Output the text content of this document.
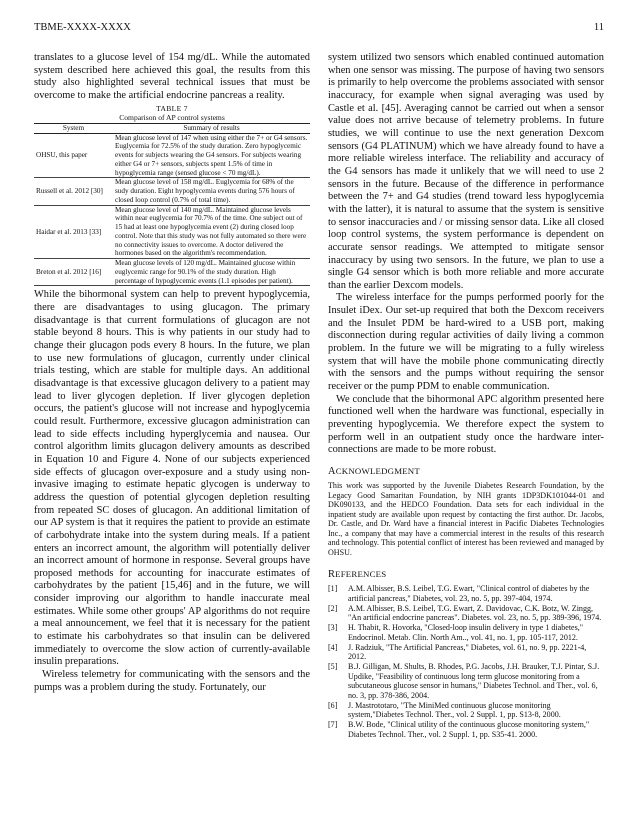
TBME-XXXX-XXXX	11

translates to a glucose level of 154 mg/dL. While the automated system described here achieved this goal, the results from this study also highlighted several technical issues that must be overcome to make the artificial endocrine pancreas a reality.

TABLE 7
Comparison of AP control systems
System	Summary of results
OHSU, this paper	Mean glucose level of 147 when using either the 7+ or G4 sensors. Euglycemia for 72.5% of the study duration. Zero hypoglycemic events for subjects wearing the G4 sensors. For subjects wearing either G4 or 7+ sensors, subjects spent 1.5% of time in hypoglycemia range (sensed glucose < 70 mg/dL).
Russell et al. 2012 [30]	Mean glucose level of 158 mg/dL. Euglycemia for 68% of the sudy duration. Eight hypoglycemia events during 576 hours of closed loop control (0.7% of total time).
Haidar et al. 2013 [33]	Mean glucose level of 140 mg/dL. Maintained glucose levels within near euglycemia for 70.7% of the time. One subject out of 15 had at least one hypoglycemia event (2) during closed loop control. Note that this study was not fully automated so there were no connectivity issues to overcome. A doctor delivered the hormones based on the algorithm's recommendation.
Breton et al. 2012 [16]	Mean glucose levels of 120 mg/dL. Maintained glucose within euglycemic range for 90.1% of the study duration. High percentage of hypoglycemic events (1.1 episodes per patient).

While the bihormonal system can help to prevent hypoglycemia, there are disadvantages to using glucagon. The primary disadvantage is that current formulations of glucagon are not stable beyond 8 hours. This is why patients in our study had to change their glucagon pods every 8 hours. In the future, we plan to use new formulations of glucagon, currently under clinical trials testing, which are stable for multiple days. An additional disadvantage is that excessive glucagon delivery to a patient may lead to liver glycogen depletion. If liver glycogen depletion occurs, the patient's glucose will not increase and hypoglycemia could result. Furthermore, excessive glucagon administration can lead to side effects including hyperglycemia and nausea. Our control algorithm limits glucagon delivery amounts as described in Equation 10 and Figure 4. None of our subjects experienced side effects of glucagon over-exposure and a study using non-invasive imaging to estimate hepatic glycogen is underway to address the question of potential glycogen depletion resulting from repeated SC doses of glucagon. An additional limitation of our AP system is that it requires the patient to provide an estimate of carbohydrate intake into the system during meals. If a patient enters an incorrect amount, the algorithm will potentially deliver an incorrect amount of hormone in response. Several groups have proposed methods for accounting for inaccurate estimates of carbohydrates by the patient [15,46] and in the future, we will consider improving our algorithm to handle inaccurate meal estimates. While some other groups' AP algorithms do not require a meal announcement, we feel that it is necessary for the patient to estimate his carbohydrates so that insulin can be delivered immediately to overcome the slow action of currently-available insulin preparations.

Wireless telemetry for communicating with the sensors and the pumps was a problem during the study. Fortunately, our

system utilized two sensors which enabled continued automation when one sensor was missing. The purpose of having two sensors is primarily to help overcome the problems associated with sensor inaccuracy, for example when signal averaging was used by Castle et al. [45]. Averaging cannot be carried out when a sensor value does not arrive because of telemetry problems. In future studies, we will continue to use the next generation Dexcom sensors (G4 PLATINUM) which we have already found to have a more reliable wireless interface. The reliability and accuracy of the G4 sensors has made it unlikely that we will need to use 2 sensors in the future. Because of the difference in performance between the 7+ and G4 studies (trend toward less hypoglycemia with the latter), it is natural to assume that the system is sensitive to sensor inaccuracies and / or missing sensor data. Like all closed loop control systems, the system performance is dependent on accurate sensor readings. We attempted to mitigate sensor inaccuracy by using two sensors. In the future, we plan to use a single G4 sensor which is both more reliable and more accurate than the earlier Dexcom models.

The wireless interface for the pumps performed poorly for the Insulet iDex. Our set-up required that both the Dexcom receivers and the Insulet PDM be hard-wired to a USB port, making disconnection during regular activities of daily living a common problem. In the future we will be migrating to a fully wireless system that will have the mobile phone communicating directly with the sensors and the pumps without requiring the sensor receiver or the pump PDM to enable communication.

We conclude that the bihormonal APC algorithm presented here functioned well when the hardware was functional, especially in preventing hypoglycemia. We therefore expect the system to perform well in an outpatient study once the hardware inter-connections are made to be more robust.

ACKNOWLEDGMENT

This work was supported by the Juvenile Diabetes Research Foundation, by the Legacy Good Samaritan Foundation, by NIH grants 1DP3DK101044-01 and DK090133, and the HEDCO Foundation. Data sets for each individual in the inpatient study are available upon request by contacting the first author. Dr. Jacobs, Dr. Castle, and Dr. Ward have a financial interest in Pacific Diabetes Technologies Inc., a company that may have a commercial interest in the results of this research and technology. This potential conflict of interest has been reviewed and managed by OHSU.

REFERENCES
[1]	A.M. Albisser, B.S. Leibel, T.G. Ewart, "Clinical control of diabetes by the artificial pancreas," Diabetes, vol. 23, no. 5, pp. 397-404, 1974.
[2]	A.M. Albisser, B.S. Leibel, T.G. Ewart, Z. Davidovac, C.K. Botz, W. Zingg, "An artificial endocrine pancreas". Diabetes. vol. 23, no. 5, pp. 389-396, 1974.
[3]	H. Thabit, R. Hovorka, "Closed-loop insulin delivery in type 1 diabetes," Endocrinol. Metab. Clin. North Am.., vol. 41, no. 1, pp. 105-117, 2012.
[4]	J. Radziuk, "The Artificial Pancreas," Diabetes, vol. 61, no. 9, pp. 2221-4, 2012.
[5]	B.J. Gilligan, M. Shults, B. Rhodes, P.G. Jacobs, J.H. Brauker, T.J. Pintar, S.J. Updike, "Feasibility of continuous long term glucose monitoring from a subcutaneous glucose sensor in humans," Diabetes Technol. and Ther., vol. 6, no. 3, pp. 378-386, 2004.
[6]	J. Mastrototaro, "The MiniMed continuous glucose monitoring system,"Diabetes Technol. Ther., vol. 2 Suppl. 1, pp. S13-8, 2000.
[7]	B.W. Bode, "Clinical utility of the continuous glucose monitoring system," Diabetes Technol. Ther., vol. 2 Suppl. 1, pp. S35-41. 2000.
